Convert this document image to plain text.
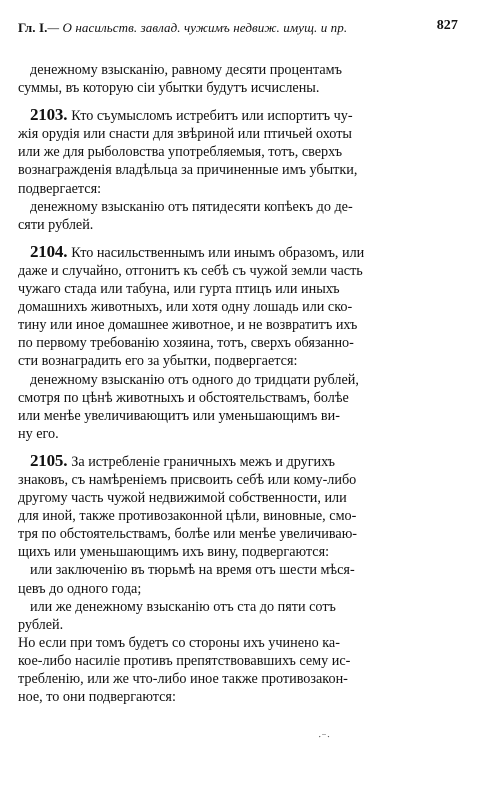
Гл. I.— О насильств. завлад. чужимъ недвиж. имущ. и пр.	827
денежному взысканію, равному десяти процентамъ
суммы, въ которую сіи убытки будутъ исчислены.
2103. Кто съумысломъ истребитъ или испортитъ чу-
жія орудія или снасти для звѣриной или птичьей охоты
или же для рыболовства употребляемыя, тотъ, сверхъ
вознагражденія владѣльца за причиненные имъ убытки,
подвергается:
денежному взысканію отъ пятидесяти копѣекъ до де-
сяти рублей.
2104. Кто насильственнымъ или инымъ образомъ, или
даже и случайно, отгонитъ къ себѣ съ чужой земли часть
чужаго стада или табуна, или гурта птицъ или иныхъ
домашнихъ животныхъ, или хотя одну лошадь или ско-
тину или иное домашнее животное, и не возвратитъ ихъ
по первому требованію хозяина, тотъ, сверхъ обязанно-
сти вознаградить его за убытки, подвергается:
денежному взысканію отъ одного до тридцати рублей,
смотря по цѣнѣ животныхъ и обстоятельствамъ, болѣе
или менѣе увеличивающитъ или уменьшающимъ ви-
ну его.
2105. За истребленіе граничныхъ межъ и другихъ
знаковъ, съ намѣреніемъ присвоить себѣ или кому-либо
другому часть чужой недвижимой собственности, или
для иной, также противозаконной цѣли, виновные, смо-
тря по обстоятельствамъ, болѣе или менѣе увеличиваю-
щихъ или уменьшающимъ ихъ вину, подвергаются:
или заключенію въ тюрьмѣ на время отъ шести мѣся-
цевъ до одного года;
или же денежному взысканію отъ ста до пяти сотъ
рублей.
Но если при томъ будетъ со стороны ихъ учинено ка-
кое-либо насиліе противъ препятствовавшихъ сему ис-
требленію, или же что-либо иное также противозакон-
ное, то они подвергаются:
⋅⁻⋅
